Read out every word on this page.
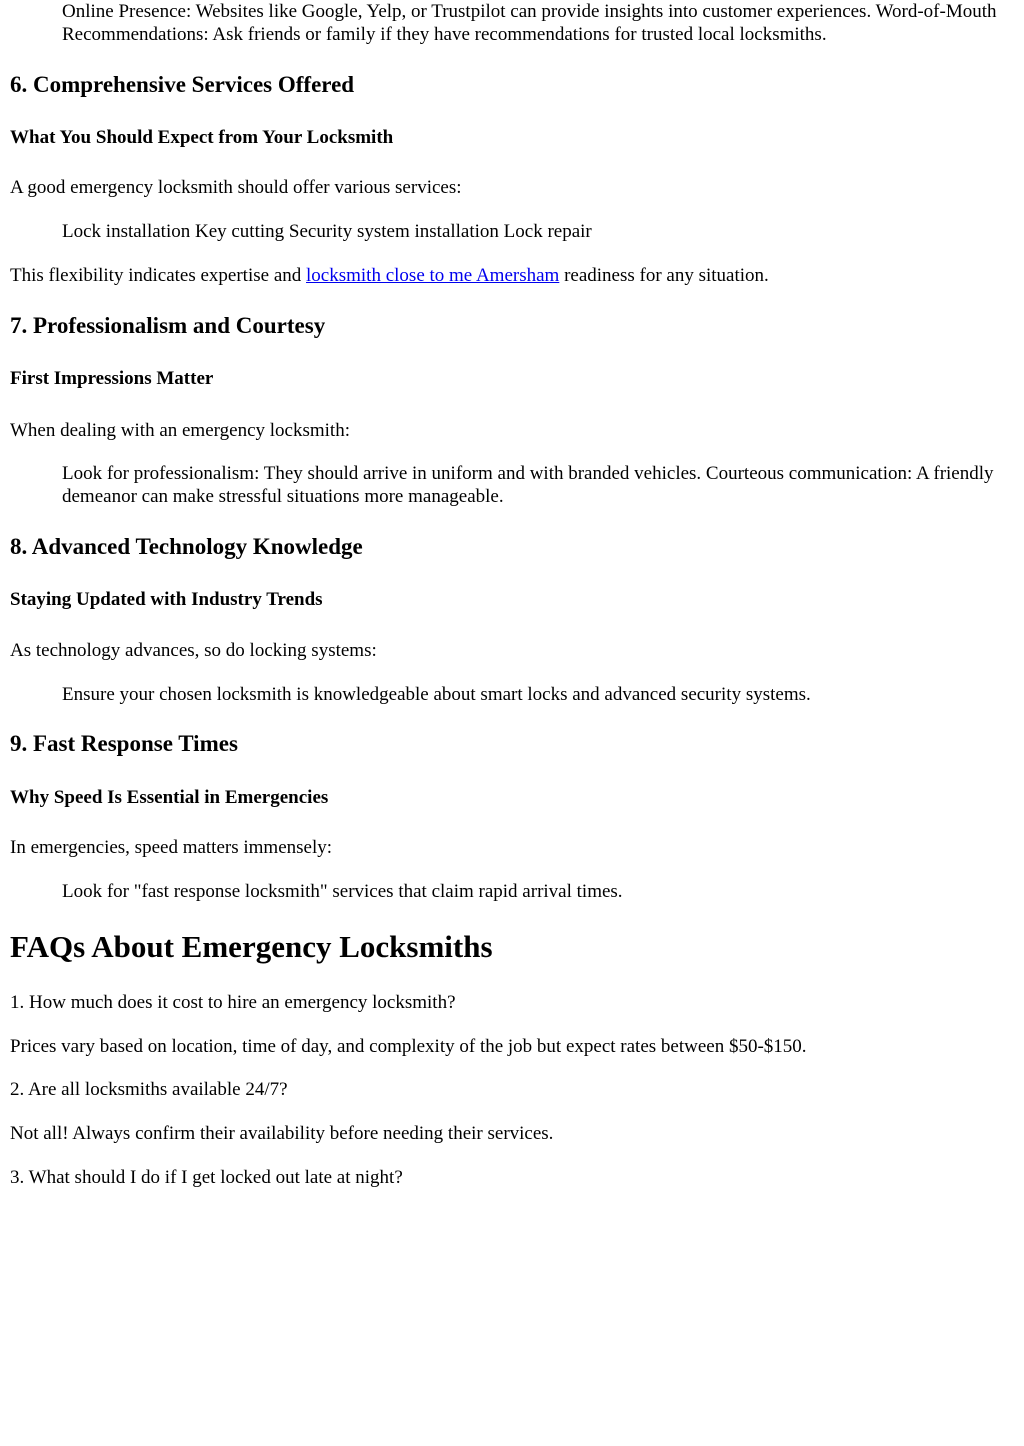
Online Presence: Websites like Google, Yelp, or Trustpilot can provide insights into customer experiences. Word-of-Mouth Recommendations: Ask friends or family if they have recommendations for trusted local locksmiths.

6. Comprehensive Services Offered
What You Should Expect from Your Locksmith

A good emergency locksmith should offer various services:

Lock installation Key cutting Security system installation Lock repair

This flexibility indicates expertise and locksmith close to me Amersham readiness for any situation.

7. Professionalism and Courtesy
First Impressions Matter

When dealing with an emergency locksmith:

Look for professionalism: They should arrive in uniform and with branded vehicles. Courteous communication: A friendly demeanor can make stressful situations more manageable.

8. Advanced Technology Knowledge
Staying Updated with Industry Trends

As technology advances, so do locking systems:

Ensure your chosen locksmith is knowledgeable about smart locks and advanced security systems.

9. Fast Response Times
Why Speed Is Essential in Emergencies

In emergencies, speed matters immensely:

Look for "fast response locksmith" services that claim rapid arrival times.

FAQs About Emergency Locksmiths

1. How much does it cost to hire an emergency locksmith?

Prices vary based on location, time of day, and complexity of the job but expect rates between $50-$150.

2. Are all locksmiths available 24/7?

Not all! Always confirm their availability before needing their services.

3. What should I do if I get locked out late at night?
